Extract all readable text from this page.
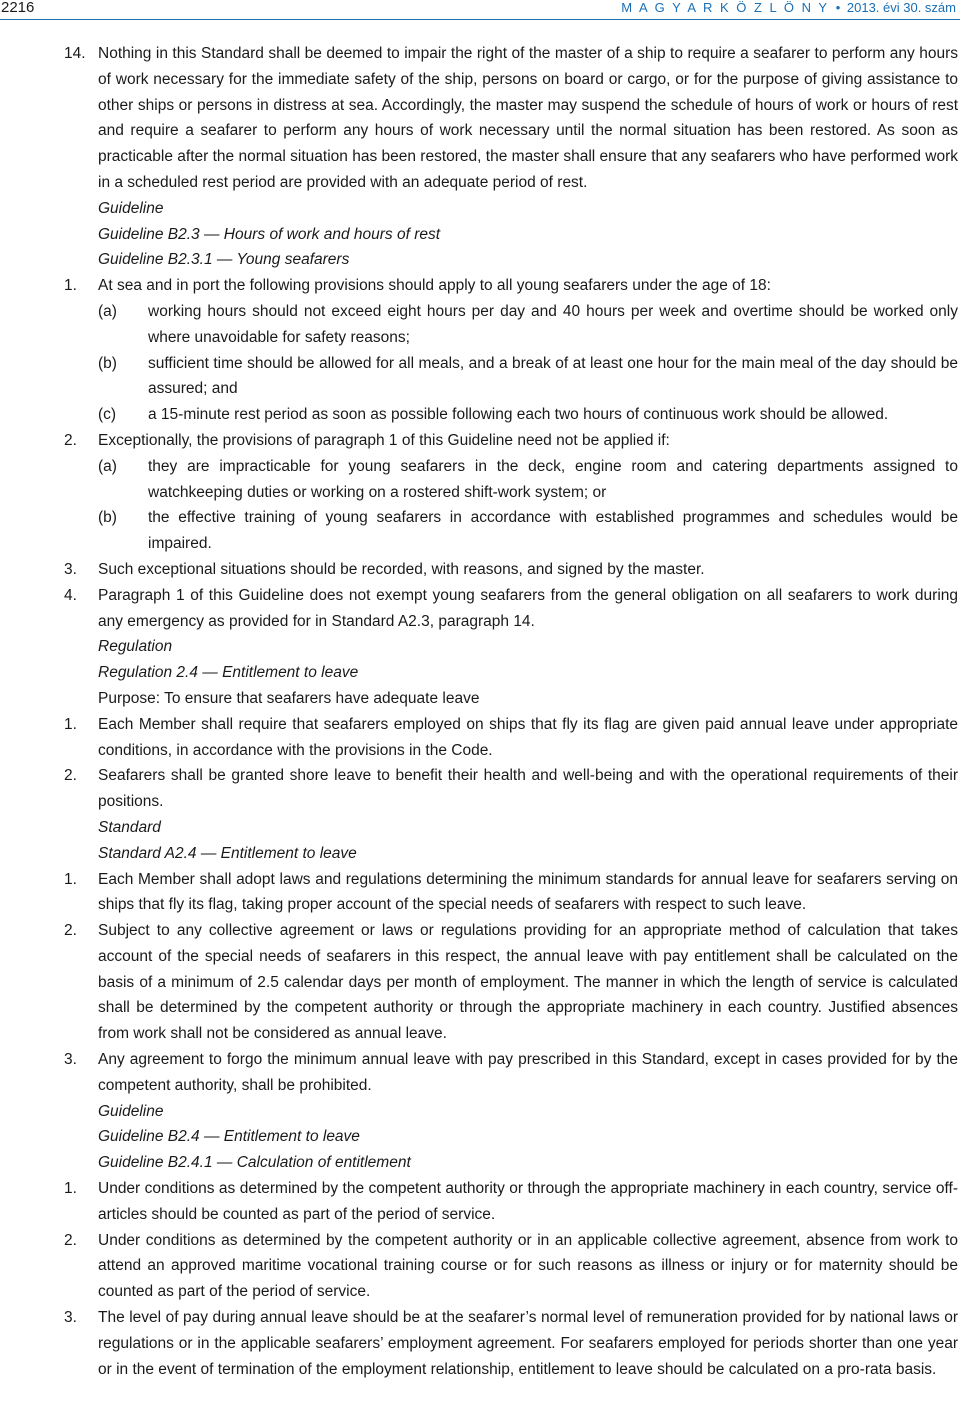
2216	M A G Y A R K Ö Z L Ö N Y • 2013. évi 30. szám
14. Nothing in this Standard shall be deemed to impair the right of the master of a ship to require a seafarer to perform any hours of work necessary for the immediate safety of the ship, persons on board or cargo, or for the purpose of giving assistance to other ships or persons in distress at sea. Accordingly, the master may suspend the schedule of hours of work or hours of rest and require a seafarer to perform any hours of work necessary until the normal situation has been restored. As soon as practicable after the normal situation has been restored, the master shall ensure that any seafarers who have performed work in a scheduled rest period are provided with an adequate period of rest.
Guideline
Guideline B2.3 — Hours of work and hours of rest
Guideline B2.3.1 — Young seafarers
1.	At sea and in port the following provisions should apply to all young seafarers under the age of 18:
(a)	working hours should not exceed eight hours per day and 40 hours per week and overtime should be worked only where unavoidable for safety reasons;
(b)	sufficient time should be allowed for all meals, and a break of at least one hour for the main meal of the day should be assured; and
(c)	a 15-minute rest period as soon as possible following each two hours of continuous work should be allowed.
2.	Exceptionally, the provisions of paragraph 1 of this Guideline need not be applied if:
(a)	they are impracticable for young seafarers in the deck, engine room and catering departments assigned to watchkeeping duties or working on a rostered shift-work system; or
(b)	the effective training of young seafarers in accordance with established programmes and schedules would be impaired.
3.	Such exceptional situations should be recorded, with reasons, and signed by the master.
4.	Paragraph 1 of this Guideline does not exempt young seafarers from the general obligation on all seafarers to work during any emergency as provided for in Standard A2.3, paragraph 14.
Regulation
Regulation 2.4 — Entitlement to leave
Purpose: To ensure that seafarers have adequate leave
1.	Each Member shall require that seafarers employed on ships that fly its flag are given paid annual leave under appropriate conditions, in accordance with the provisions in the Code.
2.	Seafarers shall be granted shore leave to benefit their health and well-being and with the operational requirements of their positions.
Standard
Standard A2.4 — Entitlement to leave
1.	Each Member shall adopt laws and regulations determining the minimum standards for annual leave for seafarers serving on ships that fly its flag, taking proper account of the special needs of seafarers with respect to such leave.
2.	Subject to any collective agreement or laws or regulations providing for an appropriate method of calculation that takes account of the special needs of seafarers in this respect, the annual leave with pay entitlement shall be calculated on the basis of a minimum of 2.5 calendar days per month of employment. The manner in which the length of service is calculated shall be determined by the competent authority or through the appropriate machinery in each country. Justified absences from work shall not be considered as annual leave.
3.	Any agreement to forgo the minimum annual leave with pay prescribed in this Standard, except in cases provided for by the competent authority, shall be prohibited.
Guideline
Guideline B2.4 — Entitlement to leave
Guideline B2.4.1 — Calculation of entitlement
1.	Under conditions as determined by the competent authority or through the appropriate machinery in each country, service off-articles should be counted as part of the period of service.
2.	Under conditions as determined by the competent authority or in an applicable collective agreement, absence from work to attend an approved maritime vocational training course or for such reasons as illness or injury or for maternity should be counted as part of the period of service.
3.	The level of pay during annual leave should be at the seafarer’s normal level of remuneration provided for by national laws or regulations or in the applicable seafarers’ employment agreement. For seafarers employed for periods shorter than one year or in the event of termination of the employment relationship, entitlement to leave should be calculated on a pro-rata basis.
